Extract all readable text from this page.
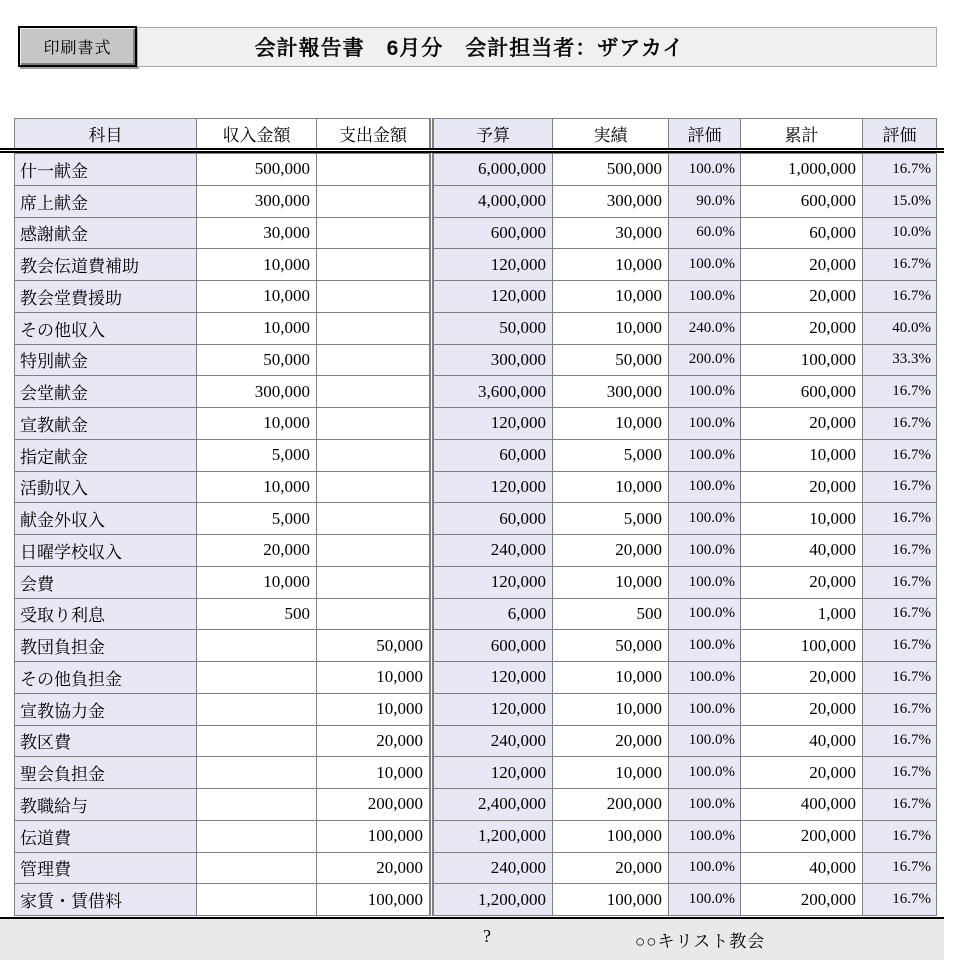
印刷書式	会計報告書　6月分　会計担当者：ザアカイ
科目	収入金額	支出金額	予算	実績	評価	累計	評価
什一献金	500,000		6,000,000	500,000	100.0%	1,000,000	16.7%
席上献金	300,000		4,000,000	300,000	90.0%	600,000	15.0%
感謝献金	30,000		600,000	30,000	60.0%	60,000	10.0%
教会伝道費補助	10,000		120,000	10,000	100.0%	20,000	16.7%
教会堂費援助	10,000		120,000	10,000	100.0%	20,000	16.7%
その他収入	10,000		50,000	10,000	240.0%	20,000	40.0%
特別献金	50,000		300,000	50,000	200.0%	100,000	33.3%
会堂献金	300,000		3,600,000	300,000	100.0%	600,000	16.7%
宣教献金	10,000		120,000	10,000	100.0%	20,000	16.7%
指定献金	5,000		60,000	5,000	100.0%	10,000	16.7%
活動収入	10,000		120,000	10,000	100.0%	20,000	16.7%
献金外収入	5,000		60,000	5,000	100.0%	10,000	16.7%
日曜学校収入	20,000		240,000	20,000	100.0%	40,000	16.7%
会費	10,000		120,000	10,000	100.0%	20,000	16.7%
受取り利息	500		6,000	500	100.0%	1,000	16.7%
教団負担金		50,000	600,000	50,000	100.0%	100,000	16.7%
その他負担金		10,000	120,000	10,000	100.0%	20,000	16.7%
宣教協力金		10,000	120,000	10,000	100.0%	20,000	16.7%
教区費		20,000	240,000	20,000	100.0%	40,000	16.7%
聖会負担金		10,000	120,000	10,000	100.0%	20,000	16.7%
教職給与		200,000	2,400,000	200,000	100.0%	400,000	16.7%
伝道費		100,000	1,200,000	100,000	100.0%	200,000	16.7%
管理費		20,000	240,000	20,000	100.0%	40,000	16.7%
家賃・賃借料		100,000	1,200,000	100,000	100.0%	200,000	16.7%
?	○○キリスト教会
